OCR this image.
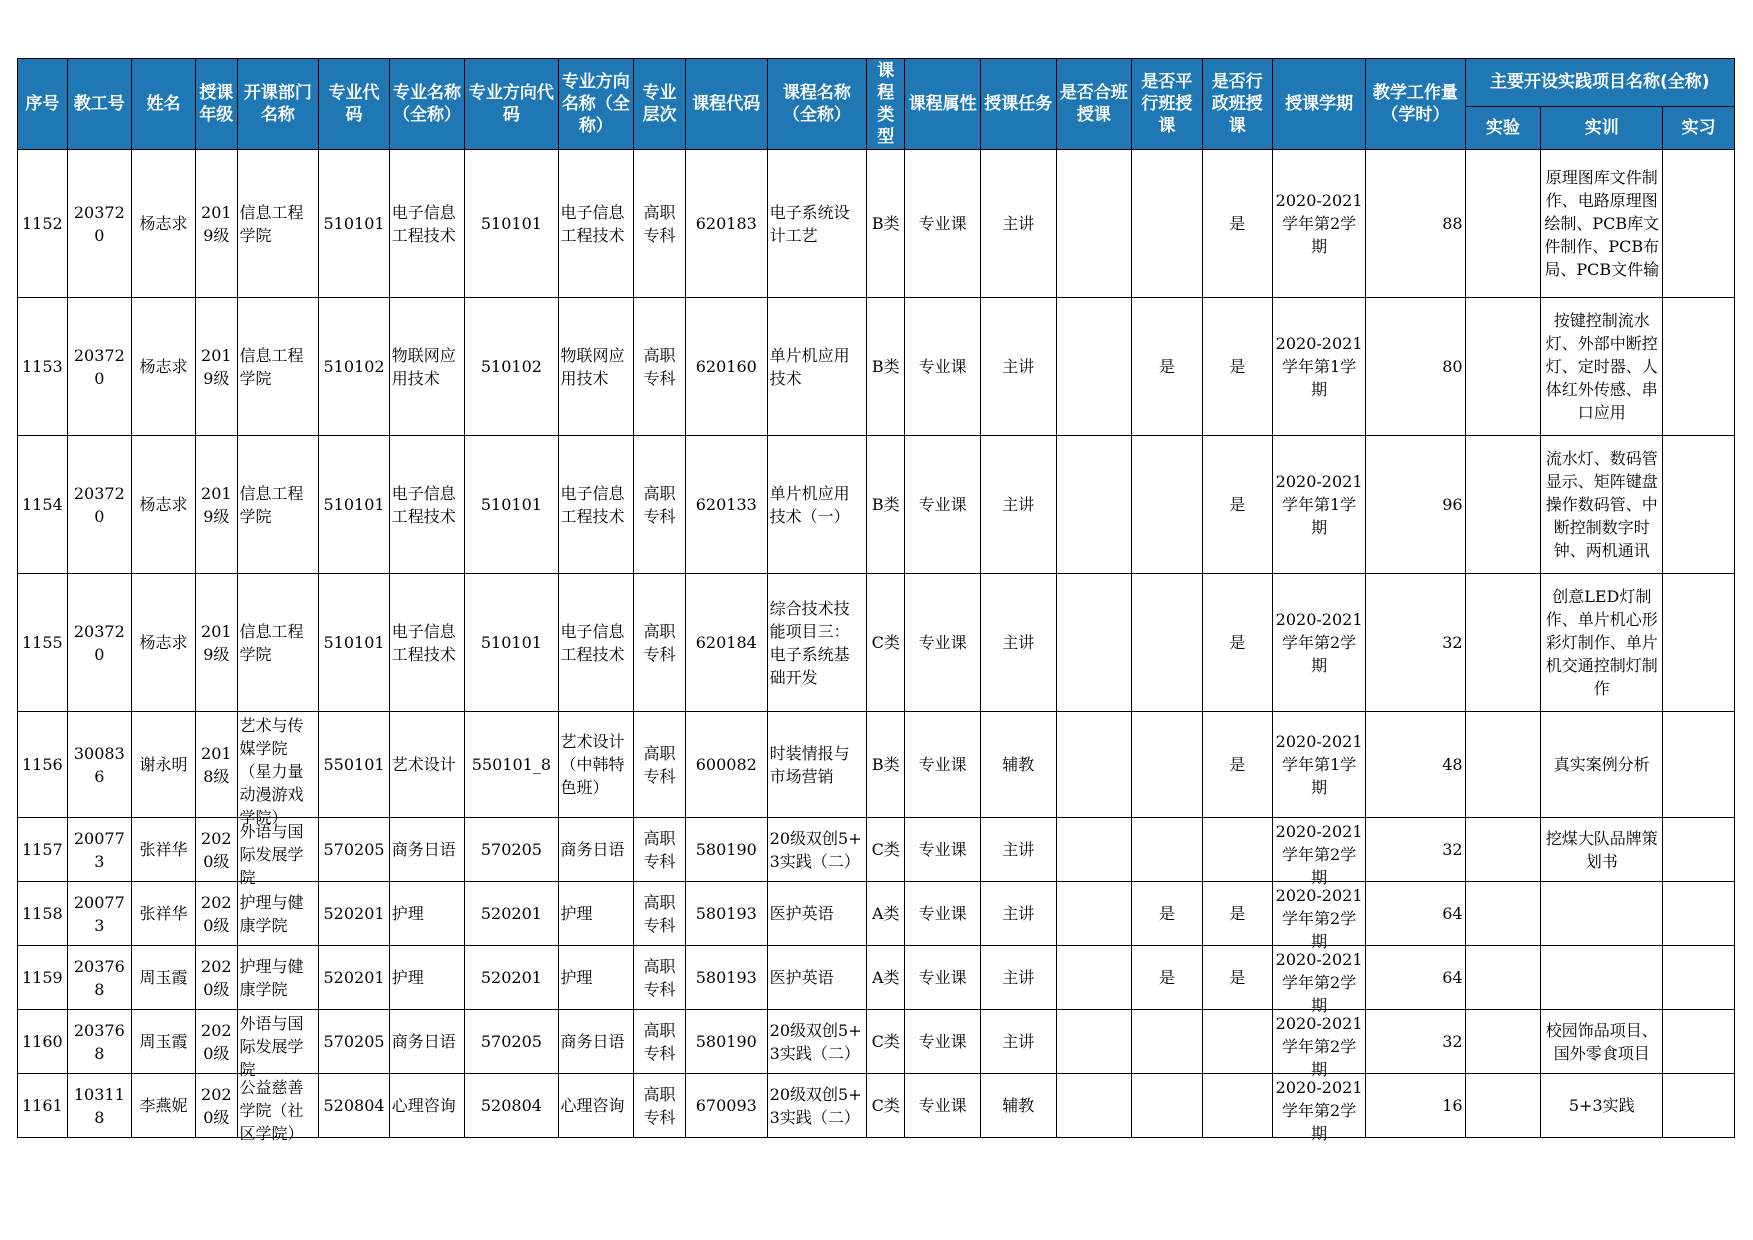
序号	教工号	姓名	授课年级	开课部门名称	专业代码	专业名称（全称）	专业方向代码	专业方向名称（全称）	专业层次	课程代码	课程名称（全称）	课程类型	课程属性	授课任务	是否合班授课	是否平行班授课	是否行政班授课	授课学期	教学工作量（学时）	主要开设实践项目名称(全称)		
																				实验	实训	实习

1152	203720	杨志求	2019级	信息工程学院	510101	电子信息工程技术	510101	电子信息工程技术	高职专科	620183	电子系统设计工艺	B类	专业课	主讲			是	2020-2021学年第2学期	88		原理图库文件制作、电路原理图绘制、PCB库文件制作、PCB布局、PCB文件输	

1153	203720	杨志求	2019级	信息工程学院	510102	物联网应用技术	510102	物联网应用技术	高职专科	620160	单片机应用技术	B类	专业课	主讲		是	是	2020-2021学年第1学期	80		按键控制流水灯、外部中断控灯、定时器、人体红外传感、串口应用	

1154	203720	杨志求	2019级	信息工程学院	510101	电子信息工程技术	510101	电子信息工程技术	高职专科	620133	单片机应用技术（一）	B类	专业课	主讲			是	2020-2021学年第1学期	96		流水灯、数码管显示、矩阵键盘操作数码管、中断控制数字时钟、两机通讯	

1155	203720	杨志求	2019级	信息工程学院	510101	电子信息工程技术	510101	电子信息工程技术	高职专科	620184	综合技术技能项目三：电子系统基础开发	C类	专业课	主讲			是	2020-2021学年第2学期	32		创意LED灯制作、单片机心形彩灯制作、单片机交通控制灯制作	

1156	300836	谢永明	2018级	艺术与传媒学院（星力量动漫游戏学院）	550101	艺术设计	550101_8	艺术设计（中韩特色班）	高职专科	600082	时装情报与市场营销	B类	专业课	辅教			是	2020-2021学年第1学期	48		真实案例分析	

1157	200773	张祥华	2020级	外语与国际发展学院	570205	商务日语	570205	商务日语	高职专科	580190	20级双创5+3实践（二）	C类	专业课	主讲				2020-2021学年第2学期	32		挖煤大队品牌策划书	

1158	200773	张祥华	2020级	护理与健康学院	520201	护理	520201	护理	高职专科	580193	医护英语	A类	专业课	主讲		是	是	2020-2021学年第2学期	64			

1159	203768	周玉霞	2020级	护理与健康学院	520201	护理	520201	护理	高职专科	580193	医护英语	A类	专业课	主讲		是	是	2020-2021学年第2学期	64			

1160	203768	周玉霞	2020级	外语与国际发展学院	570205	商务日语	570205	商务日语	高职专科	580190	20级双创5+3实践（二）	C类	专业课	主讲				2020-2021学年第2学期	32		校园饰品项目、国外零食项目	

1161	103118	李燕妮	2020级	公益慈善学院（社区学院）	520804	心理咨询	520804	心理咨询	高职专科	670093	20级双创5+3实践（二）	C类	专业课	辅教				2020-2021学年第2学期	16		5+3实践	
